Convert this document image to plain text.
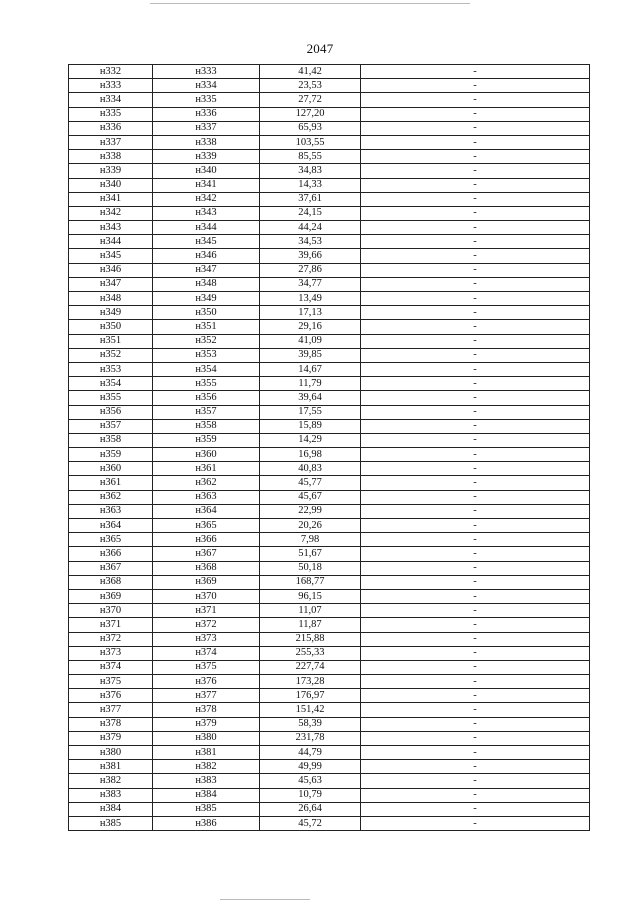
2047
н332	н333	41,42	-
н333	н334	23,53	-
н334	н335	27,72	-
н335	н336	127,20	-
н336	н337	65,93	-
н337	н338	103,55	-
н338	н339	85,55	-
н339	н340	34,83	-
н340	н341	14,33	-
н341	н342	37,61	-
н342	н343	24,15	-
н343	н344	44,24	-
н344	н345	34,53	-
н345	н346	39,66	-
н346	н347	27,86	-
н347	н348	34,77	-
н348	н349	13,49	-
н349	н350	17,13	-
н350	н351	29,16	-
н351	н352	41,09	-
н352	н353	39,85	-
н353	н354	14,67	-
н354	н355	11,79	-
н355	н356	39,64	-
н356	н357	17,55	-
н357	н358	15,89	-
н358	н359	14,29	-
н359	н360	16,98	-
н360	н361	40,83	-
н361	н362	45,77	-
н362	н363	45,67	-
н363	н364	22,99	-
н364	н365	20,26	-
н365	н366	7,98	-
н366	н367	51,67	-
н367	н368	50,18	-
н368	н369	168,77	-
н369	н370	96,15	-
н370	н371	11,07	-
н371	н372	11,87	-
н372	н373	215,88	-
н373	н374	255,33	-
н374	н375	227,74	-
н375	н376	173,28	-
н376	н377	176,97	-
н377	н378	151,42	-
н378	н379	58,39	-
н379	н380	231,78	-
н380	н381	44,79	-
н381	н382	49,99	-
н382	н383	45,63	-
н383	н384	10,79	-
н384	н385	26,64	-
н385	н386	45,72	-
